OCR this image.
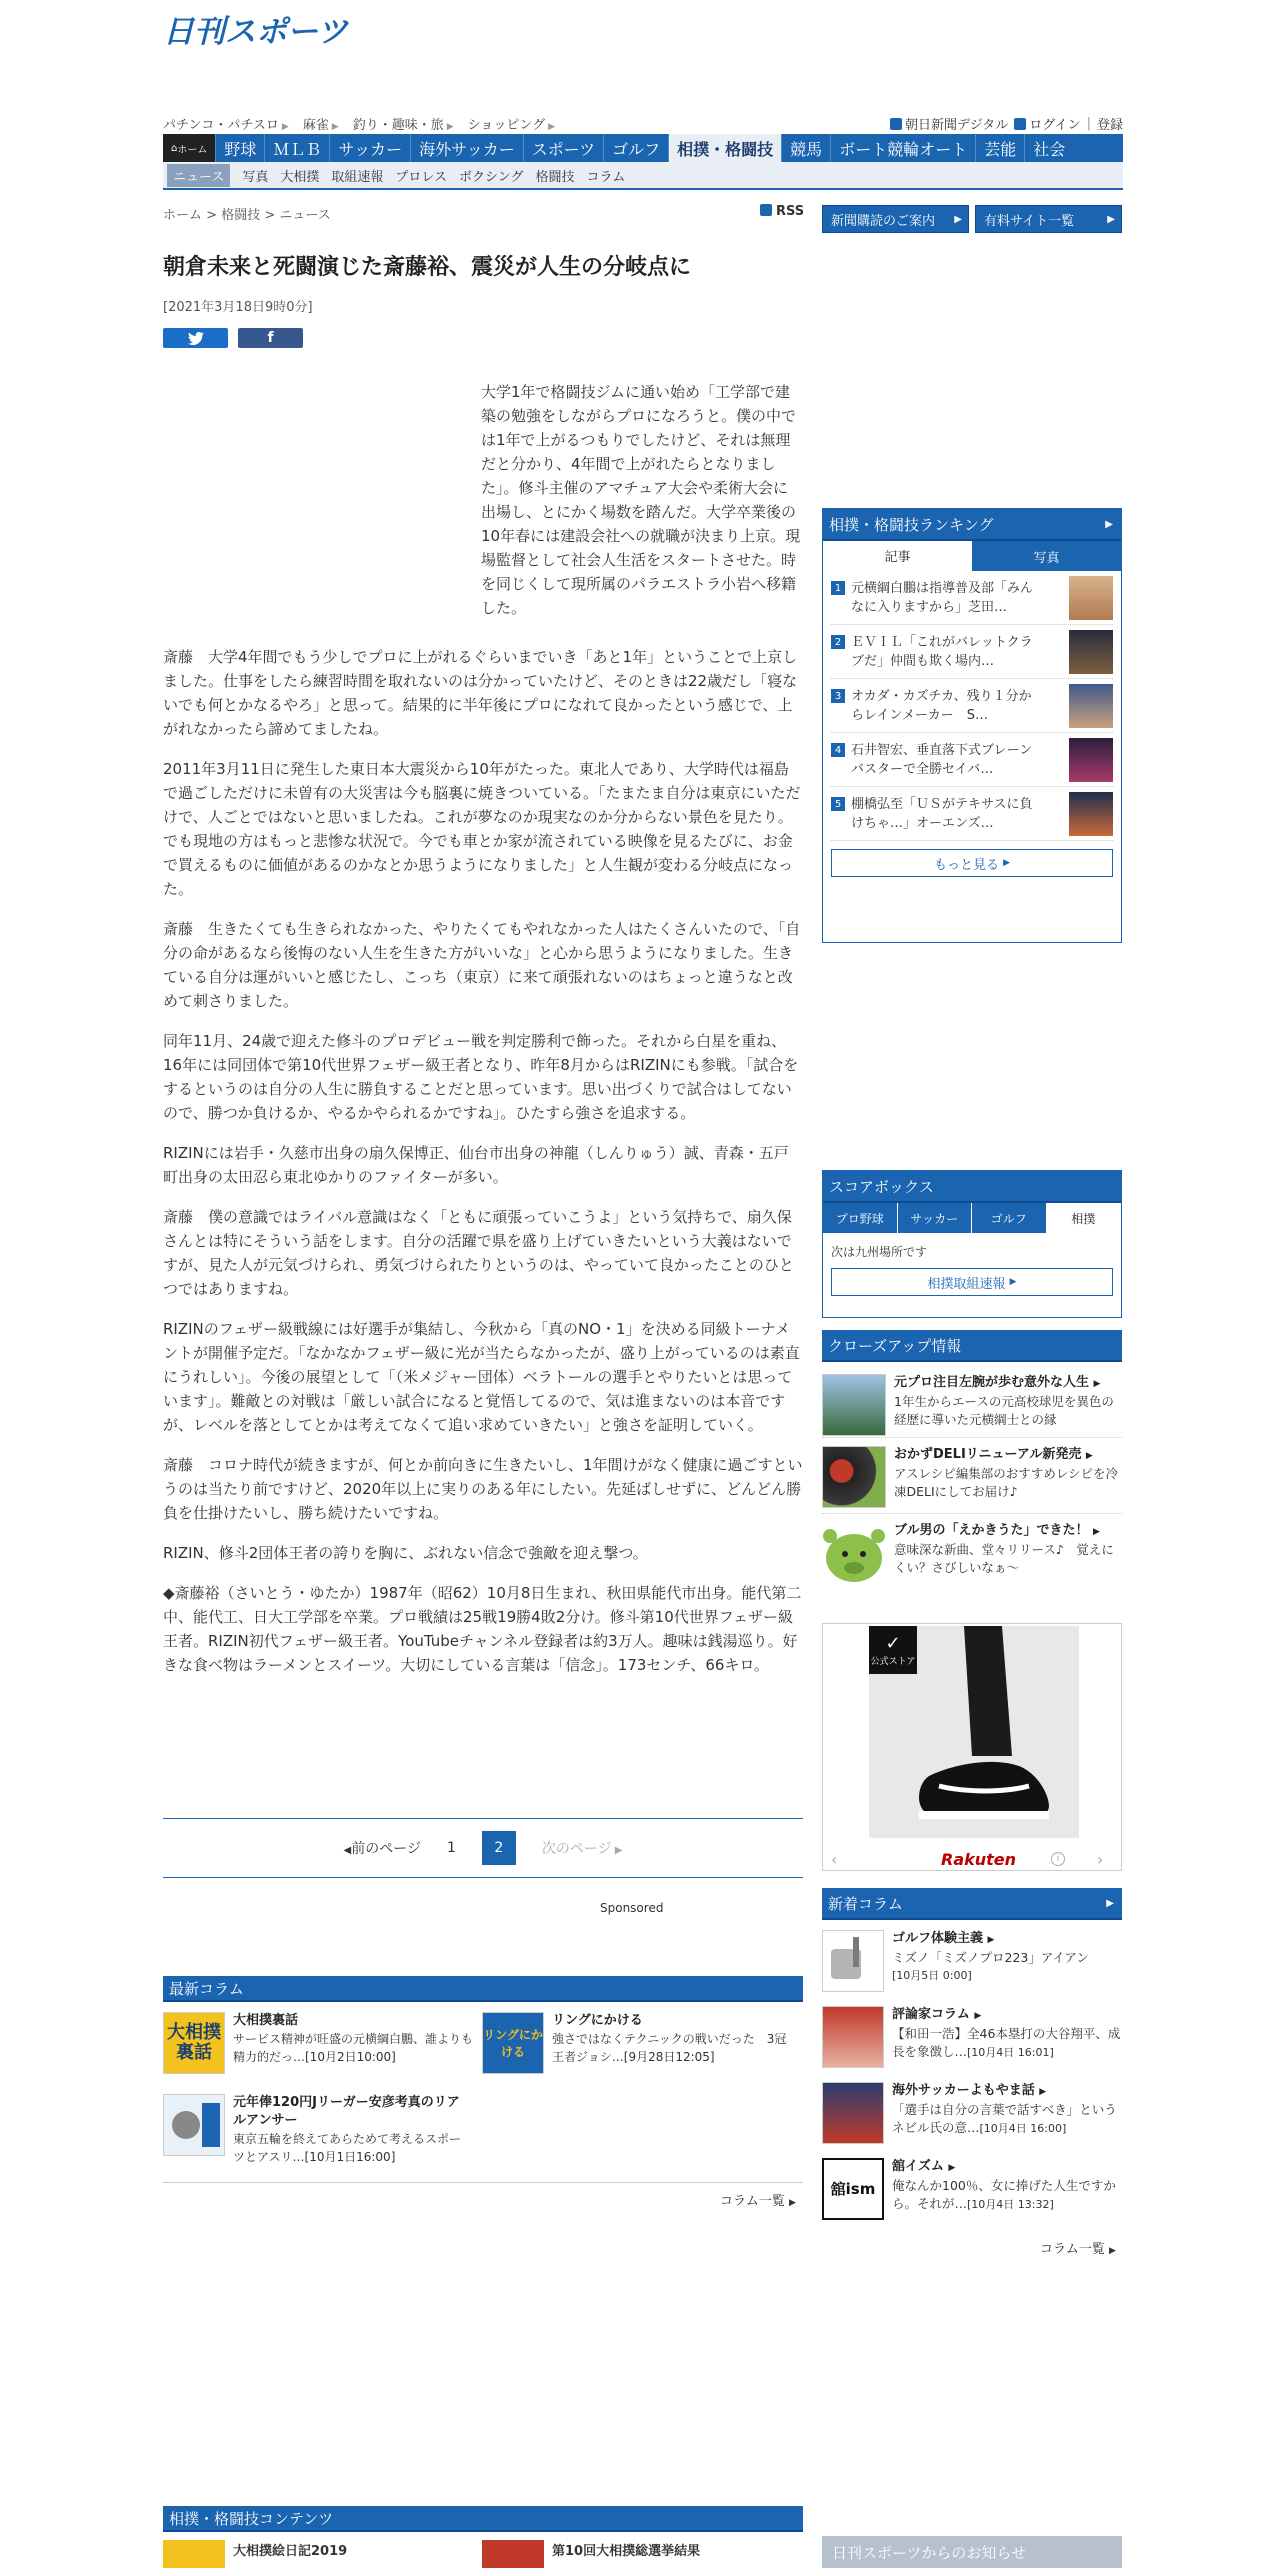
日刊スポーツ
パチンコ・パチスロ ▶ 麻雀 ▶ 釣り・趣味・旅 ▶ ショッピング ▶	朝日新聞デジタル	ログイン | 登録
⌂ ホーム	野球	ＭＬＢ	サッカー	海外サッカー	スポーツ	ゴルフ	相撲・格闘技	競馬	ボート競輪オート	芸能	社会
ニュース	写真 大相撲 取組速報 プロレス ボクシング 格闘技 コラム
ホーム > 格闘技 > ニュース	RSS
新聞購読のご案内 ▶ 有料サイト一覧	▶
朝倉未来と死闘演じた斎藤裕、震災が人生の分岐点に
[2021年3月18日9時0分]
f
大学1年で格闘技ジムに通い始め「工学部で建築の勉強をしながらプロになろうと。僕の中では1年で上がるつもりでしたけど、それは無理だと分かり、4年間で上がれたらとなりました」。修斗主催のアマチュア大会や柔術大会に出場し、とにかく場数を踏んだ。大学卒業後の10年春には建設会社への就職が決まり上京。現場監督として社会人生活をスタートさせた。時を同じくして現所属のパラエストラ小岩へ移籍した。

斎藤　大学4年間でもう少しでプロに上がれるぐらいまでいき「あと1年」ということで上京しました。仕事をしたら練習時間を取れないのは分かっていたけど、そのときは22歳だし「寝ないでも何とかなるやろ」と思って。結果的に半年後にプロになれて良かったという感じで、上がれなかったら諦めてましたね。

2011年3月11日に発生した東日本大震災から10年がたった。東北人であり、大学時代は福島で過ごしただけに未曽有の大災害は今も脳裏に焼きついている。「たまたま自分は東京にいただけで、人ごとではないと思いましたね。これが夢なのか現実なのか分からない景色を見たり。でも現地の方はもっと悲惨な状況で。今でも車とか家が流されている映像を見るたびに、お金で買えるものに価値があるのかなとか思うようになりました」と人生観が変わる分岐点になった。

斎藤　生きたくても生きられなかった、やりたくてもやれなかった人はたくさんいたので、「自分の命があるなら後悔のない人生を生きた方がいいな」と心から思うようになりました。生きている自分は運がいいと感じたし、こっち（東京）に来て頑張れないのはちょっと違うなと改めて刺さりました。

同年11月、24歳で迎えた修斗のプロデビュー戦を判定勝利で飾った。それから白星を重ね、16年には同団体で第10代世界フェザー級王者となり、昨年8月からはRIZINにも参戦。「試合をするというのは自分の人生に勝負することだと思っています。思い出づくりで試合はしてないので、勝つか負けるか、やるかやられるかですね」。ひたすら強さを追求する。

RIZINには岩手・久慈市出身の扇久保博正、仙台市出身の神龍（しんりゅう）誠、青森・五戸町出身の太田忍ら東北ゆかりのファイターが多い。

斎藤　僕の意識ではライバル意識はなく「ともに頑張っていこうよ」という気持ちで、扇久保さんとは特にそういう話をします。自分の活躍で県を盛り上げていきたいという大義はないですが、見た人が元気づけられ、勇気づけられたりというのは、やっていて良かったことのひとつではありますね。

RIZINのフェザー級戦線には好選手が集結し、今秋から「真のNO・1」を決める同級トーナメントが開催予定だ。「なかなかフェザー級に光が当たらなかったが、盛り上がっているのは素直にうれしい」。今後の展望として「（米メジャー団体）ベラトールの選手とやりたいとは思っています」。難敵との対戦は「厳しい試合になると覚悟してるので、気は進まないのは本音ですが、レベルを落としてとかは考えてなくて追い求めていきたい」と強さを証明していく。

斎藤　コロナ時代が続きますが、何とか前向きに生きたいし、1年間けがなく健康に過ごすというのは当たり前ですけど、2020年以上に実りのある年にしたい。先延ばしせずに、どんどん勝負を仕掛けたいし、勝ち続けたいですね。

RIZIN、修斗2団体王者の誇りを胸に、ぶれない信念で強敵を迎え撃つ。

◆斎藤裕（さいとう・ゆたか）1987年（昭62）10月8日生まれ、秋田県能代市出身。能代第二中、能代工、日大工学部を卒業。プロ戦績は25戦19勝4敗2分け。修斗第10代世界フェザー級王者。RIZIN初代フェザー級王者。YouTubeチャンネル登録者は約3万人。趣味は銭湯巡り。好きな食べ物はラーメンとスイーツ。大切にしている言葉は「信念」。173センチ、66キロ。

◀前のページ 1	2	次のページ ▶
Sponsored
最新コラム
大相撲裏話
大相撲裏話
サービス精神が旺盛の元横綱白鵬、誰よりも精力的だっ…[10月2日10:00]
リングにかける
リングにかける
強さではなくテクニックの戦いだった　3冠王者ジョシ…[9月28日12:05]
元年俸120円Jリーガー安彦考真のリアルアンサー
東京五輪を終えてあらためて考えるスポーツとアスリ…[10月1日16:00]
コラム一覧 ▶
相撲・格闘技コンテンツ
大相撲絵日記2019	第10回大相撲総選挙結果
相撲・格闘技ランキング	▶
記事	写真
1 元横綱白鵬は指導普及部「みんなに入りますから」芝田…
2 ＥＶＩＬ「これがバレットクラブだ」仲間も欺く場内…
3 オカダ・カズチカ、残り１分からレインメーカー　S…
4 石井智宏、垂直落下式ブレーンバスターで全勝セイバ…
5 棚橋弘至「ＵＳがテキサスに負けちゃ…」オーエンズ…
もっと見る
▶
スコアボックス
プロ野球	サッカー	ゴルフ	相撲
次は九州場所です
相撲取組速報
▶
クローズアップ情報
元プロ注目左腕が歩む意外な人生 ▶
1年生からエースの元高校球児を異色の経歴に導いた元横綱士との縁
おかずDELIリニューアル新発売 ▶
アスレシピ編集部のおすすめレシピを冷凍DELIにしてお届け♪
ブル男の「えかきうた」できた！ ▶
意味深な新曲、堂々リリース♪　覚えにくい？さびしいなぁ～
✓
公式ストア
‹	Rakuten	i	›
新着コラム	▶
ゴルフ体験主義 ▶
ミズノ「ミズノプロ223」アイアン
[10月5日 0:00]
評論家コラム ▶
【和田一浩】全46本塁打の大谷翔平、成長を象徴し…[10月4日 16:01]
海外サッカーよもやま話 ▶
「選手は自分の言葉で話すべき」というネビル氏の意…[10月4日 16:00]
舘ism
舘イズム ▶
俺なんか100％、女に捧げた人生ですから。それが…[10月4日 13:32]
コラム一覧 ▶
日刊スポーツからのお知らせ
